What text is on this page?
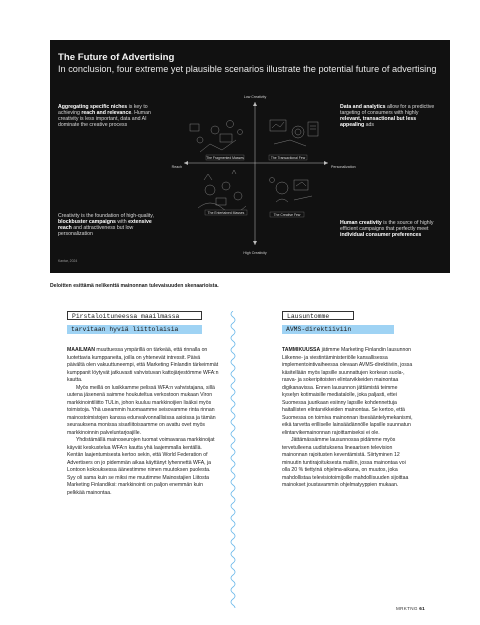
Low Creativity
High Creativity
Reach	Personalization
The Fragmented Masses	The Transactional Few
The Entertained Masses	The Creative Few
The Future of Advertising
In conclusion, four extreme yet plausible scenarios illustrate the potential future of advertising
Aggregating specific niches is key to achieving reach and relevance. Human creativity is less important, data and AI dominate the creative process
Data and analytics allow for a predictive targeting of consumers with highly relevant, transactional but less appealing ads
Creativity is the foundation of high-quality, blockbuster campaigns with extensive reach and attractiveness but low personalization
Human creativity is the source of highly efficient campaigns that perfectly meet individual consumer preferences
Kantar, 2024
Deloitten esittämä nelikenttä mainonnan tulevaisuuden skenaarioista.
Pirstaloituneessa maailmassa
tarvitaan hyviä liittolaisia
Lausuntomme
AVMS-direktiiviin

MAAILMAN muuttuessa ympärillä on tärkeää, että rinnalla on luotettavia kumppaneita, joilla on yhtenevät intressit. Päivä päivältä olen vakuuttuneempi, että Marketing Finlandin tärkeimmät kumppanit löytyvät jatkuvasti vahvistuvan kattojärjestömme WFA:n kautta.

Myös meillä on lusikkamme pelissä WFA:n vahvistajana, sillä uutena jäsenenä saimme houkuteltua verkostoon mukaan Viron markkinointiliitto TULin, johon kuuluu markkinoijien lisäksi myös toimistoja. Yhä useammin huomaamme seisovamme rinta rinnan mainostoimistojen kanssa edunvalvonnallisissa asioissa ja tämän seurauksena monissa sisarliitoissamme on avattu ovet myös markkinoinnin palveluntarjoajille.

Yhdistämällä mainoseurojen tuomat voimavaraa markkinoijat käyvät keskustelua WFA:n kautta yhä laajemmalla kentällä. Kentän laajentumisesta kertoo sekin, että World Federation of Advertisers on jo pidemmän aikaa käyttänyt lyhennettä WFA, ja Lontoon kokouksessa äänestimme nimen muutoksen puolesta. Syy oli sama kuin se miksi me muutimme Mainostajien Liitosta Marketing Finlandiksi: markkinointi on paljon enemmän kuin pelkkää mainontaa.

TAMMIKUUSSA jätimme Marketing Finlandin lausunnon Liikenne- ja viestintäministeriölle kansallisessa implementointivaiheessa olevaan AVMS-direktiiviin, jossa käsitellään myös lapsille suunnattujen korkean suola-, rasva- ja sokeripitoisten elintarvikkeiden mainontaa digikanavissa. Ennen lausunnon jättämistä teimme kyselyn kotimaisille mediatalolle, joka paljasti, ettei Suomessa juurikaan esiinny lapsille kohdennettuja haitallisten elintarvikkeiden mainontaa. Se kertoo, että Suomessa on toimiva mainonnan itsesääntelymekanismi, eikä tarvetta erilliselle lainsäädännölle lapsille suunnatun elintarvikemainonnan rajoittamiseksi ei ole.

Jättämässämme lausunnossa pidämme myös tervetulleena uudistuksena lineaarisen television mainonnan rajoitusten keventämistä. Siirtyminen 12 minuutin tuntirajoituksesta malliin, jossa mainontaa voi olla 20 % tiettyinä ohjelma-aikana, on muutos, joka mahdollistaa televisiotoimijoille mahdollisuuden sijoittaa mainokset joustavammin ohjelmatyyppien mukaan.

MRKTNG 61
